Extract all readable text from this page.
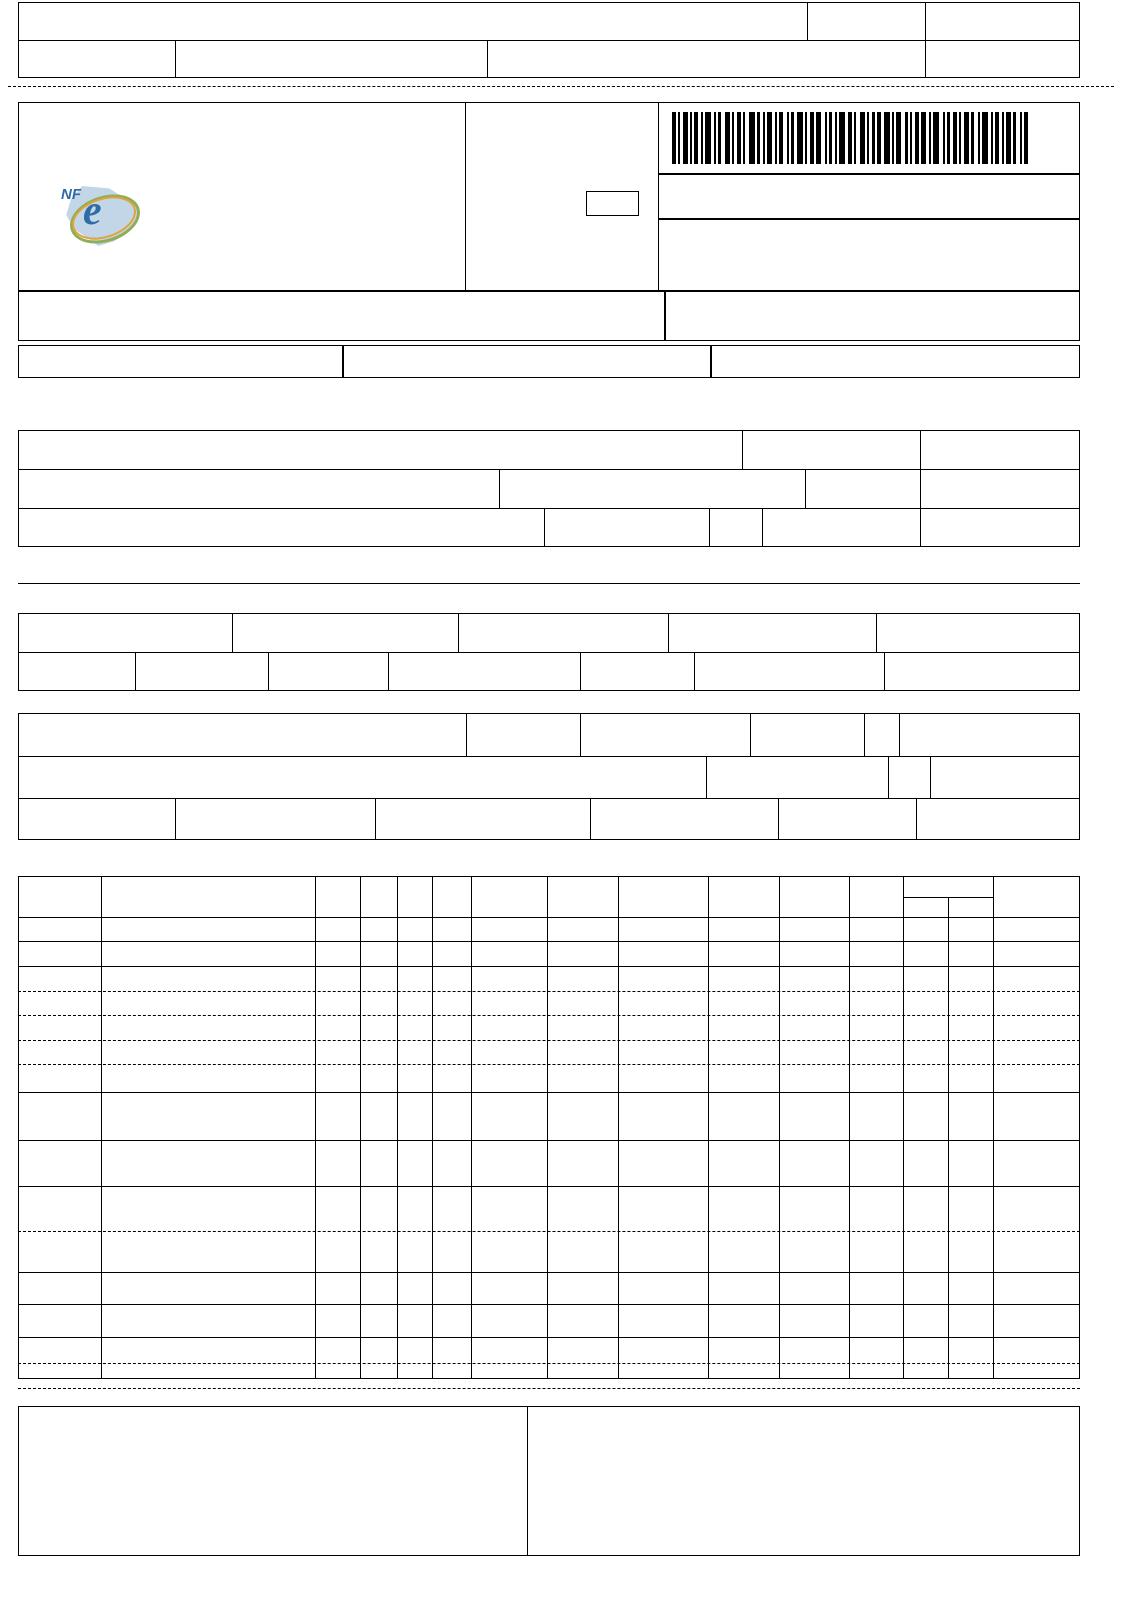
NF e
